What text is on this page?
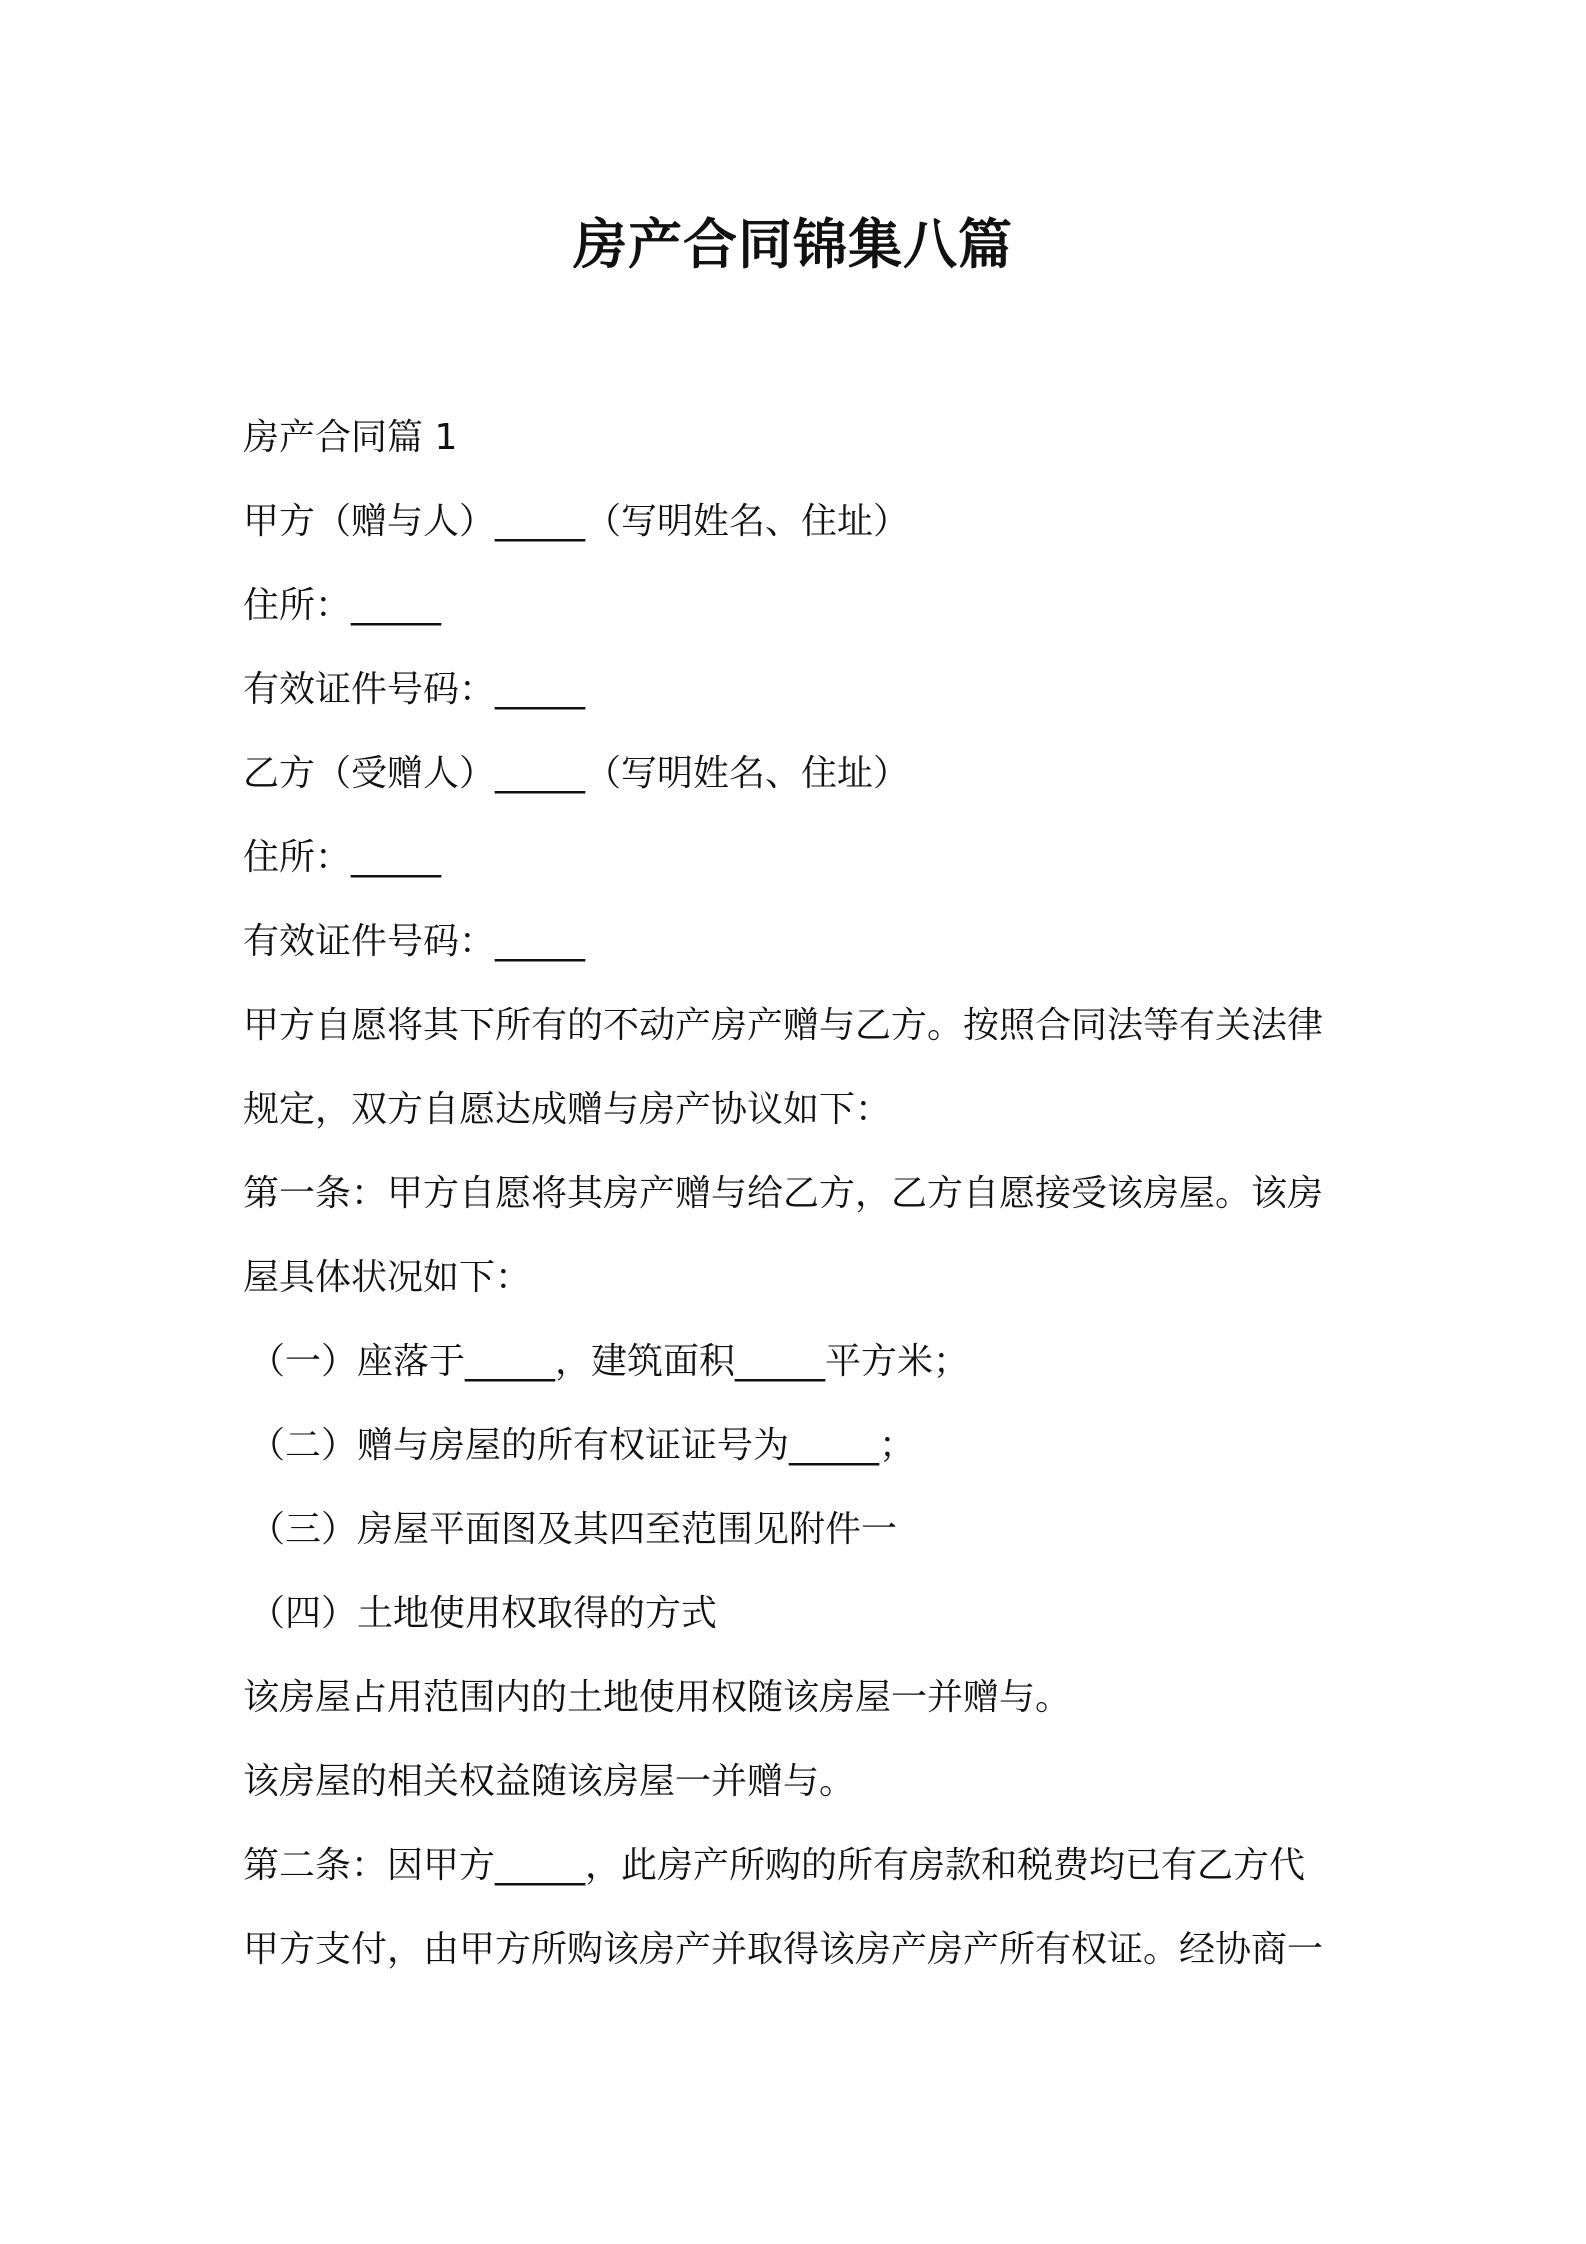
房产合同锦集八篇

房产合同篇 1

甲方（赠与人）_____（写明姓名、住址）

住所：_____

有效证件号码：_____

乙方（受赠人）_____（写明姓名、住址）

住所：_____

有效证件号码：_____

甲方自愿将其下所有的不动产房产赠与乙方。按照合同法等有关法律

规定，双方自愿达成赠与房产协议如下：

第一条：甲方自愿将其房产赠与给乙方，乙方自愿接受该房屋。该房

屋具体状况如下：

（一）座落于_____，建筑面积_____平方米；

（二）赠与房屋的所有权证证号为_____；

（三）房屋平面图及其四至范围见附件一

（四）土地使用权取得的方式

该房屋占用范围内的土地使用权随该房屋一并赠与。

该房屋的相关权益随该房屋一并赠与。

第二条：因甲方_____，此房产所购的所有房款和税费均已有乙方代

甲方支付，由甲方所购该房产并取得该房产房产所有权证。经协商一
